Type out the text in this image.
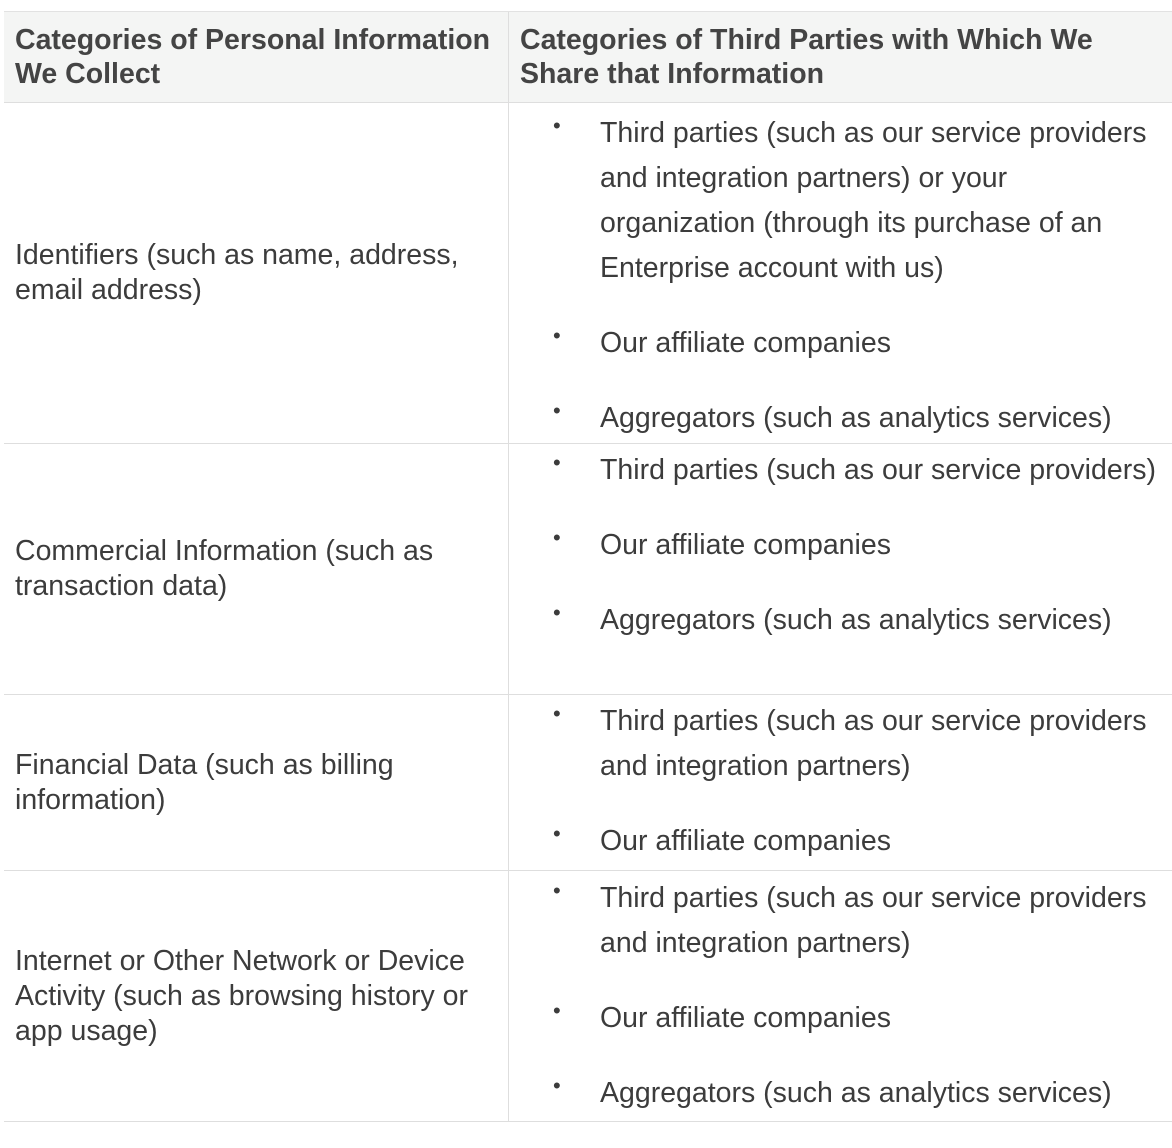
Categories of Personal Information We Collect
Categories of Third Parties with Which We Share that Information
Identifiers (such as name, address, email address)
• Third parties (such as our service providers and integration partners) or your organization (through its purchase of an Enterprise account with us)
• Our affiliate companies
• Aggregators (such as analytics services)
Commercial Information (such as transaction data)
• Third parties (such as our service providers)
• Our affiliate companies
• Aggregators (such as analytics services)
Financial Data (such as billing information)
• Third parties (such as our service providers and integration partners)
• Our affiliate companies
Internet or Other Network or Device Activity (such as browsing history or app usage)
• Third parties (such as our service providers and integration partners)
• Our affiliate companies
• Aggregators (such as analytics services)
